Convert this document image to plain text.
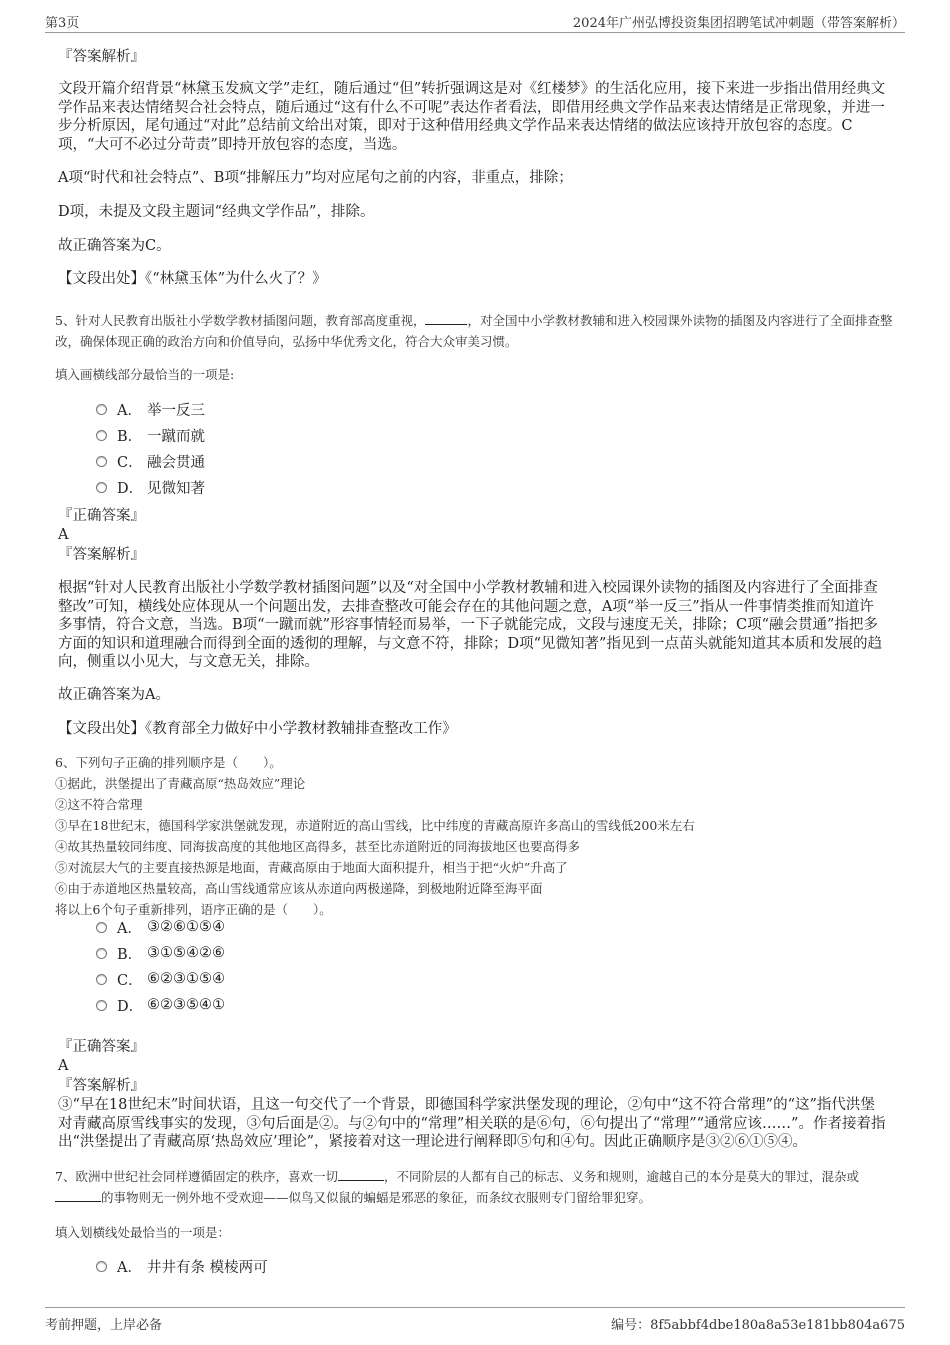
第3页	2024年广州弘博投资集团招聘笔试冲刺题（带答案解析）
『答案解析』
文段开篇介绍背景“林黛玉发疯文学”走红，随后通过“但”转折强调这是对《红楼梦》的生活化应用，接下来进一步指出借用经典文学作品来表达情绪契合社会特点，随后通过“这有什么不可呢”表达作者看法，即借用经典文学作品来表达情绪是正常现象，并进一步分析原因，尾句通过“对此”总结前文给出对策，即对于这种借用经典文学作品来表达情绪的做法应该持开放包容的态度。C项，“大可不必过分苛责”即持开放包容的态度，当选。
A项“时代和社会特点”、B项“排解压力”均对应尾句之前的内容，非重点，排除；
D项，未提及文段主题词“经典文学作品”，排除。
故正确答案为C。
【文段出处】《“林黛玉体”为什么火了？》
5、针对人民教育出版社小学数学教材插图问题，教育部高度重视，	，对全国中小学教材教辅和进入校园课外读物的插图及内容进行了全面排查整改，确保体现正确的政治方向和价值导向，弘扬中华优秀文化，符合大众审美习惯。
填入画横线部分最恰当的一项是:
A． 举一反三
B． 一蹴而就
C． 融会贯通
D． 见微知著
『正确答案』
A
『答案解析』
根据“针对人民教育出版社小学数学教材插图问题”以及“对全国中小学教材教辅和进入校园课外读物的插图及内容进行了全面排查整改”可知，横线处应体现从一个问题出发，去排查整改可能会存在的其他问题之意，A项“举一反三”指从一件事情类推而知道许多事情，符合文意，当选。B项“一蹴而就”形容事情轻而易举，一下子就能完成，文段与速度无关，排除；C项“融会贯通”指把多方面的知识和道理融合而得到全面的透彻的理解，与文意不符，排除；D项“见微知著”指见到一点苗头就能知道其本质和发展的趋向，侧重以小见大，与文意无关，排除。
故正确答案为A。
【文段出处】《教育部全力做好中小学教材教辅排查整改工作》
6、下列句子正确的排列顺序是（　　）。
①据此，洪堡提出了青藏高原“热岛效应”理论
②这不符合常理
③早在18世纪末，德国科学家洪堡就发现，赤道附近的高山雪线，比中纬度的青藏高原许多高山的雪线低200米左右
④故其热量较同纬度、同海拔高度的其他地区高得多，甚至比赤道附近的同海拔地区也要高得多
⑤对流层大气的主要直接热源是地面，青藏高原由于地面大面积提升，相当于把“火炉”升高了
⑥由于赤道地区热量较高，高山雪线通常应该从赤道向两极递降，到极地附近降至海平面
将以上6个句子重新排列，语序正确的是（　　）。
A． ③②⑥①⑤④
B． ③①⑤④②⑥
C． ⑥②③①⑤④
D． ⑥②③⑤④①
『正确答案』
A
『答案解析』
③“早在18世纪末”时间状语，且这一句交代了一个背景，即德国科学家洪堡发现的理论，②句中“这不符合常理”的“这”指代洪堡对青藏高原雪线事实的发现，③句后面是②。与②句中的“常理”相关联的是⑥句，⑥句提出了“常理”“通常应该……”。作者接着指出“洪堡提出了青藏高原‘热岛效应’理论”，紧接着对这一理论进行阐释即⑤句和④句。因此正确顺序是③②⑥①⑤④。
7、欧洲中世纪社会同样遵循固定的秩序，喜欢一切	，不同阶层的人都有自己的标志、义务和规则，逾越自己的本分是莫大的罪过，混杂或的事物则无一例外地不受欢迎——似鸟又似鼠的蝙蝠是邪恶的象征，而条纹衣服则专门留给罪犯穿。
填入划横线处最恰当的一项是：
A． 井井有条 模棱两可
考前押题，上岸必备	编号：8f5abbf4dbe180a8a53e181bb804a675
